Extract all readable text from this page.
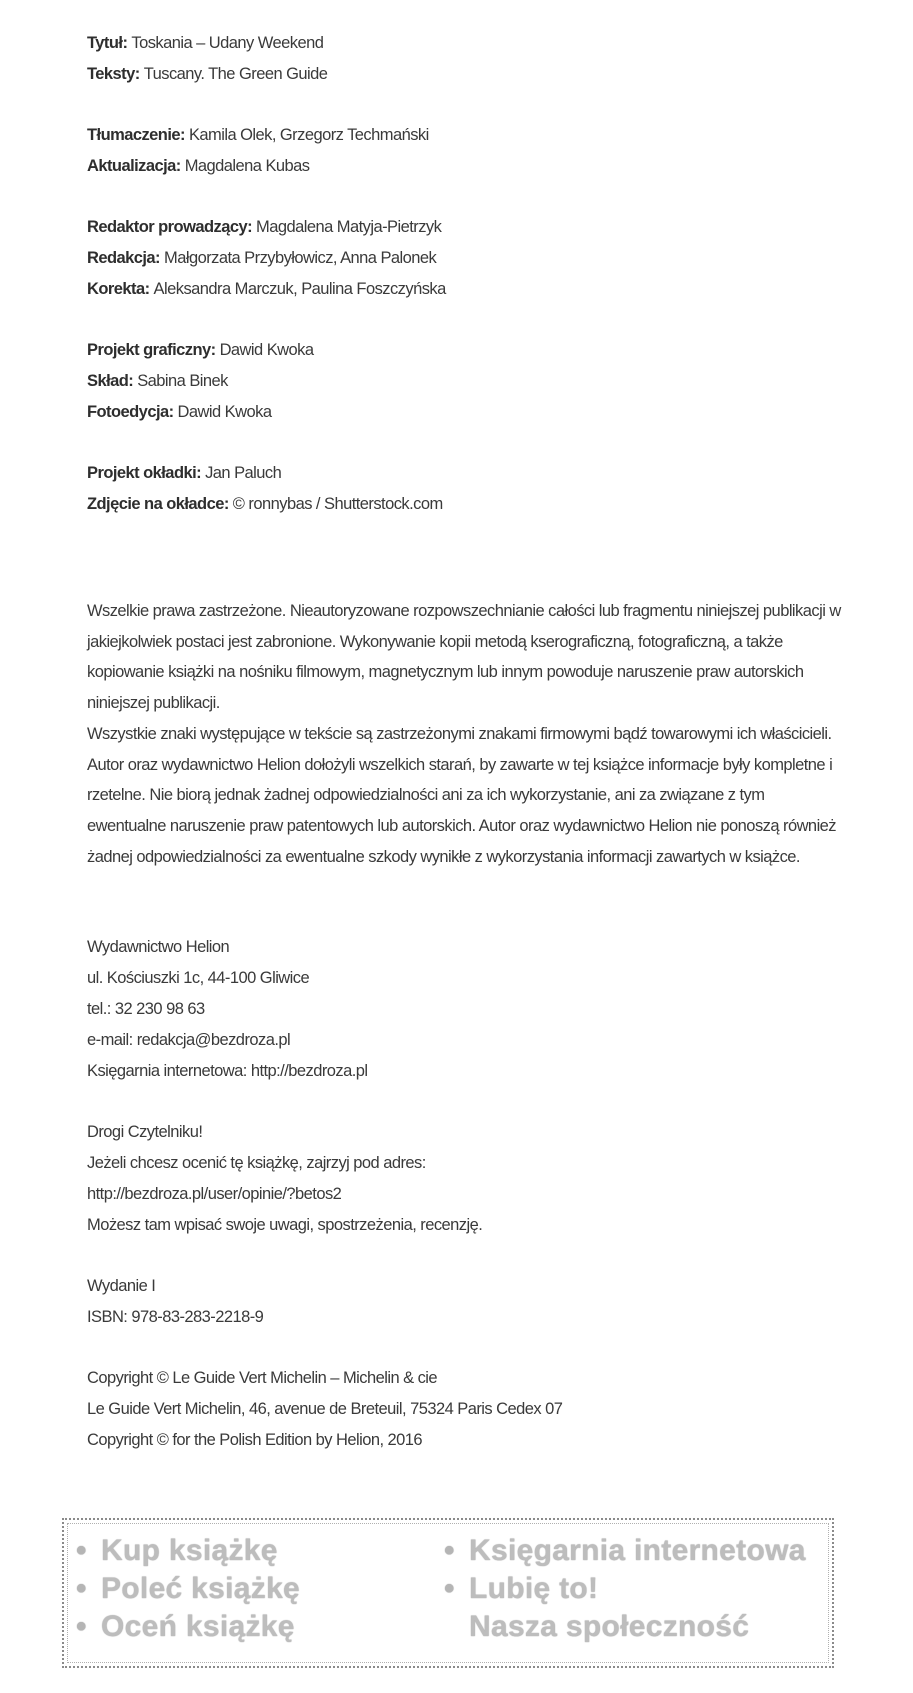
Tytuł: Toskania – Udany Weekend
Teksty: Tuscany. The Green Guide
Tłumaczenie: Kamila Olek, Grzegorz Techmański
Aktualizacja: Magdalena Kubas
Redaktor prowadzący: Magdalena Matyja-Pietrzyk
Redakcja: Małgorzata Przybyłowicz, Anna Palonek
Korekta: Aleksandra Marczuk, Paulina Foszczyńska
Projekt graficzny: Dawid Kwoka
Skład: Sabina Binek
Fotoedycja: Dawid Kwoka
Projekt okładki: Jan Paluch
Zdjęcie na okładce: © ronnybas / Shutterstock.com

Wszelkie prawa zastrzeżone. Nieautoryzowane rozpowszechnianie całości lub fragmentu niniejszej publikacji w jakiejkolwiek postaci jest zabronione. Wykonywanie kopii metodą kserograficzną, fotograficzną, a także kopiowanie książki na nośniku filmowym, magnetycznym lub innym powoduje naruszenie praw autorskich niniejszej publikacji.

Wszystkie znaki występujące w tekście są zastrzeżonymi znakami firmowymi bądź towarowymi ich właścicieli.

Autor oraz wydawnictwo Helion dołożyli wszelkich starań, by zawarte w tej książce informacje były kompletne i rzetelne. Nie biorą jednak żadnej odpowiedzialności ani za ich wykorzystanie, ani za związane z tym ewentualne naruszenie praw patentowych lub autorskich. Autor oraz wydawnictwo Helion nie ponoszą również żadnej odpowiedzialności za ewentualne szkody wynikłe z wykorzystania informacji zawartych w książce.

Wydawnictwo Helion
ul. Kościuszki 1c, 44-100 Gliwice
tel.: 32 230 98 63
e-mail: redakcja@bezdroza.pl
Księgarnia internetowa: http://bezdroza.pl
Drogi Czytelniku!
Jeżeli chcesz ocenić tę książkę, zajrzyj pod adres:
http://bezdroza.pl/user/opinie/?betos2
Możesz tam wpisać swoje uwagi, spostrzeżenia, recenzję.
Wydanie I
ISBN: 978-83-283-2218-9
Copyright © Le Guide Vert Michelin – Michelin & cie
Le Guide Vert Michelin, 46, avenue de Breteuil, 75324 Paris Cedex 07
Copyright © for the Polish Edition by Helion, 2016
• Kup książkę
• Poleć książkę
• Oceń książkę
• Księgarnia internetowa
• Lubię to!
Nasza społeczność
